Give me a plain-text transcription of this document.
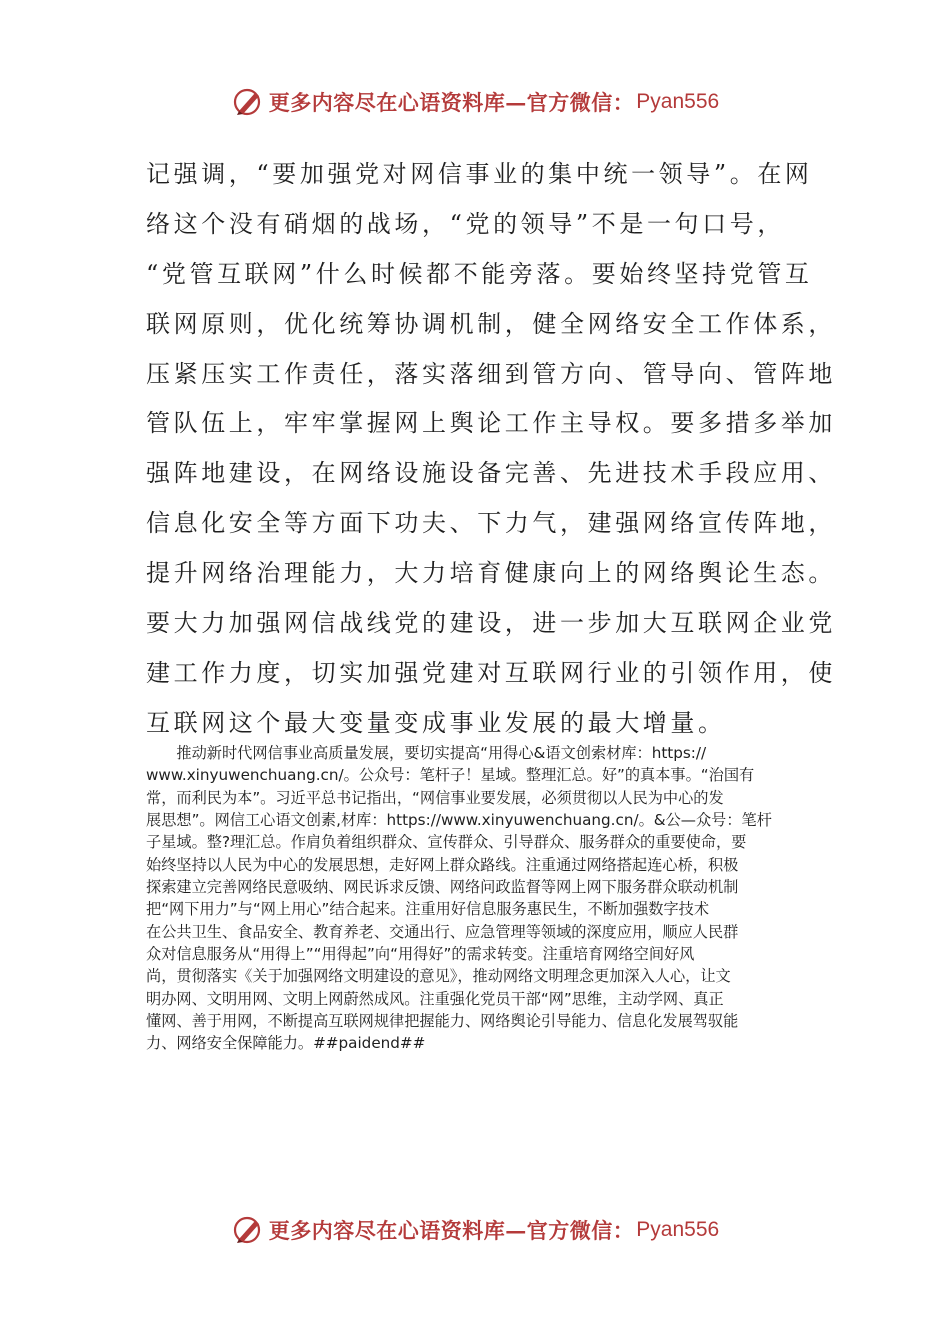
更多内容尽在心语资料库—官方微信： Pyan556
记强调，“要加强党对网信事业的集中统一领导”。在网
络这个没有硝烟的战场，“党的领导”不是一句口号，
“党管互联网”什么时候都不能旁落。要始终坚持党管互
联网原则，优化统筹协调机制，健全网络安全工作体系，
压紧压实工作责任，落实落细到管方向、管导向、管阵地
管队伍上，牢牢掌握网上舆论工作主导权。要多措多举加
强阵地建设，在网络设施设备完善、先进技术手段应用、
信息化安全等方面下功夫、下力气，建强网络宣传阵地，
提升网络治理能力，大力培育健康向上的网络舆论生态。
要大力加强网信战线党的建设，进一步加大互联网企业党
建工作力度，切实加强党建对互联网行业的引领作用，使
互联网这个最大变量变成事业发展的最大增量。
　　推动新时代网信事业高质量发展，要切实提高“用得心&语文创索材库：https://
www.xinyuwenchuang.cn/。公众号：笔杆子！星域。整理汇总。好”的真本事。“治国有
常，而利民为本”。习近平总书记指出，“网信事业要发展，必须贯彻以人民为中心的发
展思想”。网信工心语文创素,材库：https://www.xinyuwenchuang.cn/。&公—众号：笔杆
子星域。整?理汇总。作肩负着组织群众、宣传群众、引导群众、服务群众的重要使命，要
始终坚持以人民为中心的发展思想，走好网上群众路线。注重通过网络搭起连心桥，积极
探索建立完善网络民意吸纳、网民诉求反馈、网络问政监督等网上网下服务群众联动机制
把“网下用力”与“网上用心”结合起来。注重用好信息服务惠民生，不断加强数字技术
在公共卫生、食品安全、教育养老、交通出行、应急管理等领域的深度应用，顺应人民群
众对信息服务从“用得上”“用得起”向“用得好”的需求转变。注重培育网络空间好风
尚，贯彻落实《关于加强网络文明建设的意见》，推动网络文明理念更加深入人心，让文
明办网、文明用网、文明上网蔚然成风。注重强化党员干部“网”思维，主动学网、真正
懂网、善于用网，不断提高互联网规律把握能力、网络舆论引导能力、信息化发展驾驭能
力、网络安全保障能力。##paidend##
更多内容尽在心语资料库—官方微信： Pyan556
